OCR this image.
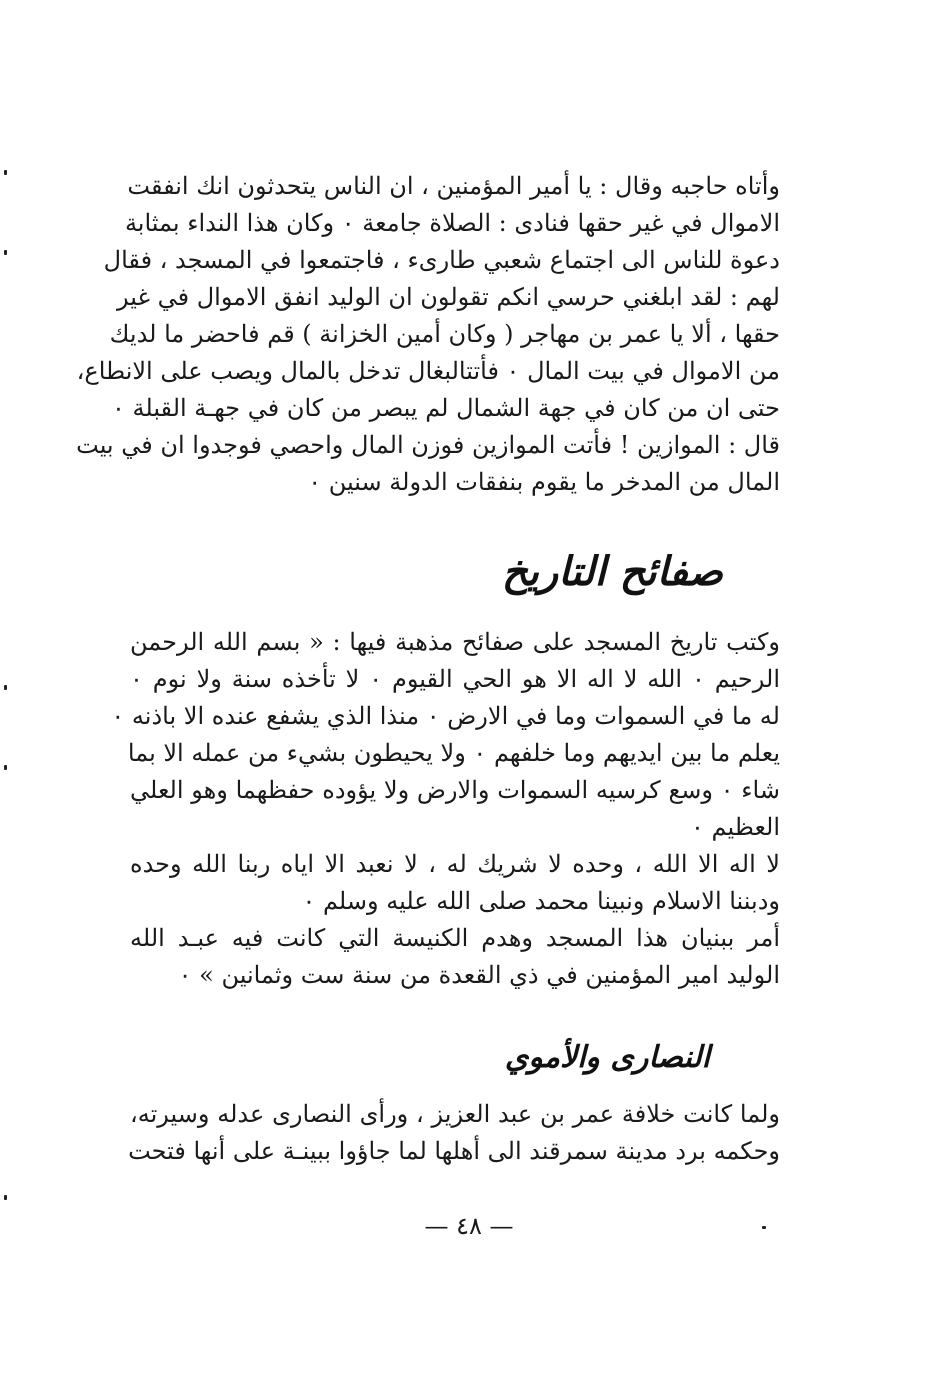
وأتاه حاجبه وقال : يا أمير المؤمنين ، ان الناس يتحدثون انك انفقت
الاموال في غير حقها فنادى : الصلاة جامعة ٠ وكان هذا النداء بمثابة
دعوة للناس الى اجتماع شعبي طارىء ، فاجتمعوا في المسجد ، فقال
لهم : لقد ابلغني حرسي انكم تقولون ان الوليد انفق الاموال في غير
حقها ، ألا يا عمر بن مهاجر ( وكان أمين الخزانة ) قم فاحضر ما لديك
من الاموال في بيت المال ٠ فأتتالبغال تدخل بالمال ويصب على الانطاع،
حتى ان من كان في جهة الشمال لم يبصر من كان في جهـة القبلة ٠
قال : الموازين ! فأتت الموازين فوزن المال واحصي فوجدوا ان في بيت
المال من المدخر ما يقوم بنفقات الدولة سنين ٠
صفائح التاريخ
وكتب تاريخ المسجد على صفائح مذهبة فيها : « بسم الله الرحمن
الرحيم ٠ الله لا اله الا هو الحي القيوم ٠ لا تأخذه سنة ولا نوم ٠
له ما في السموات وما في الارض ٠ منذا الذي يشفع عنده الا باذنه ٠
يعلم ما بين ايديهم وما خلفهم ٠ ولا يحيطون بشيء من عمله الا بما
شاء ٠ وسع كرسيه السموات والارض ولا يؤوده حفظهما وهو العلي
العظيم ٠
لا اله الا الله ، وحده لا شريك له ، لا نعبد الا اياه ربنا الله وحده
ودبننا الاسلام ونبينا محمد صلى الله عليه وسلم ٠
أمر ببنيان هذا المسجد وهدم الكنيسة التي كانت فيه عبـد الله
الوليد امير المؤمنين في ذي القعدة من سنة ست وثمانين » ٠
النصارى والأموي
ولما كانت خلافة عمر بن عبد العزيز ، ورأى النصارى عدله وسيرته،
وحكمه برد مدينة سمرقند الى أهلها لما جاؤوا ببينـة على أنها فتحت
— ٤٨ —
